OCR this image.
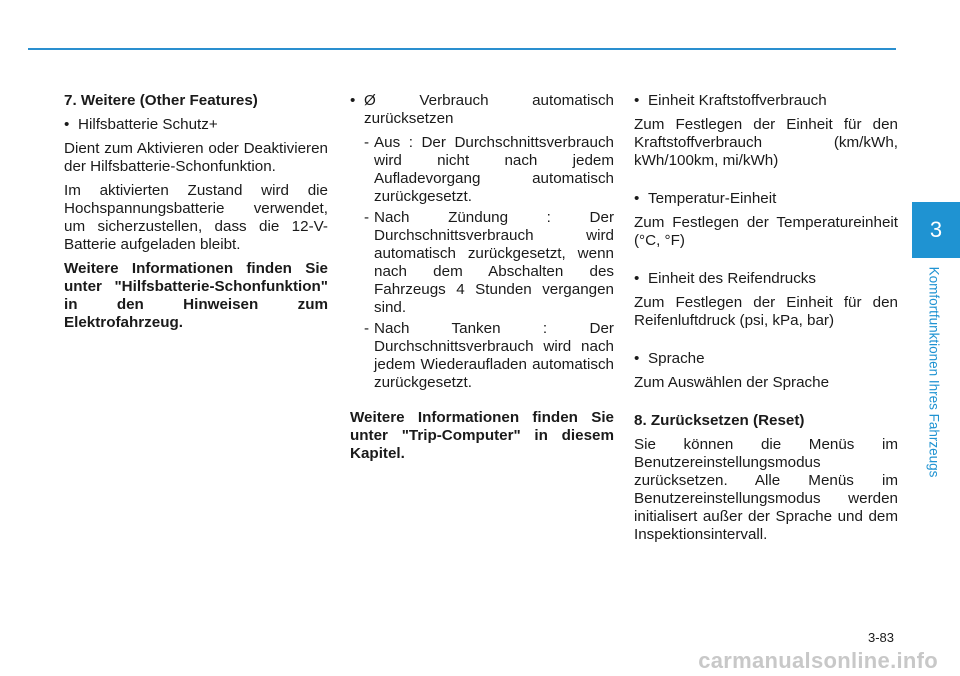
7. Weitere (Other Features)
• Hilfsbatterie Schutz+

Dient zum Aktivieren oder Deaktivieren der Hilfsbatterie-Schonfunktion.

Im aktivierten Zustand wird die Hochspannungsbatterie verwendet, um sicherzustellen, dass die 12-V-Batterie aufgeladen bleibt.

Weitere Informationen finden Sie unter "Hilfsbatterie-Schonfunktion" in den Hinweisen zum Elektrofahrzeug.

• Ø Verbrauch automatisch zurücksetzen
- Aus : Der Durchschnittsverbrauch wird nicht nach jedem Aufladevorgang automatisch zurückgesetzt.
- Nach Zündung : Der Durchschnittsverbrauch wird automatisch zurückgesetzt, wenn nach dem Abschalten des Fahrzeugs 4 Stunden vergangen sind.
- Nach Tanken : Der Durchschnittsverbrauch wird nach jedem Wiederaufladen automatisch zurückgesetzt.

Weitere Informationen finden Sie unter "Trip-Computer" in diesem Kapitel.

• Einheit Kraftstoffverbrauch

Zum Festlegen der Einheit für den Kraftstoffverbrauch (km/kWh, kWh/100km, mi/kWh)

• Temperatur-Einheit

Zum Festlegen der Temperatureinheit (°C, °F)

• Einheit des Reifendrucks

Zum Festlegen der Einheit für den Reifenluftdruck (psi, kPa, bar)

• Sprache

Zum Auswählen der Sprache

8. Zurücksetzen (Reset)

Sie können die Menüs im Benutzereinstellungsmodus zurücksetzen. Alle Menüs im Benutzereinstellungsmodus werden initialisert außer der Sprache und dem Inspektionsintervall.

3
Komfortfunktionen Ihres Fahrzeugs
3-83
carmanualsonline.info
